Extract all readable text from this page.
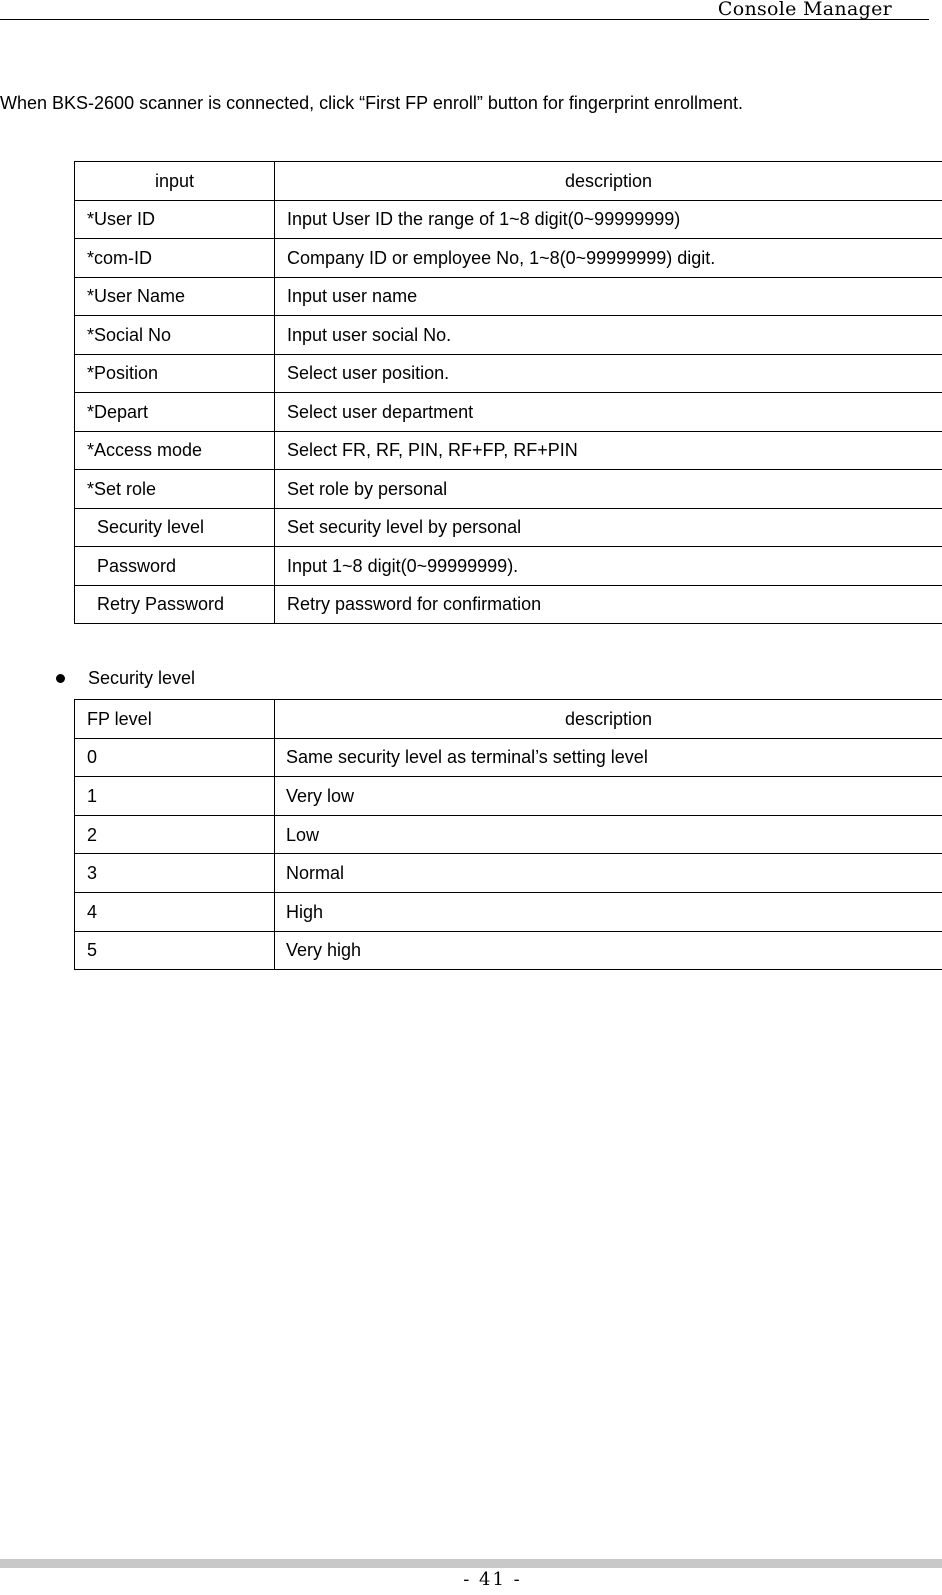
Console Manager
When BKS-2600 scanner is connected, click “First FP enroll” button for fingerprint enrollment.
input	description
*User ID	Input User ID the range of 1~8 digit(0~99999999)
*com-ID	Company ID or employee No, 1~8(0~99999999) digit.
*User Name	Input user name
*Social No	Input user social No.
*Position	Select user position.
*Depart	Select user department
*Access mode	Select FR, RF, PIN, RF+FP, RF+PIN
*Set role	Set role by personal
Security level	Set security level by personal
Password	Input 1~8 digit(0~99999999).
Retry Password	Retry password for confirmation
Security level
FP level	description
0	Same security level as terminal’s setting level
1	Very low
2	Low
3	Normal
4	High
5	Very high
- 41 -
